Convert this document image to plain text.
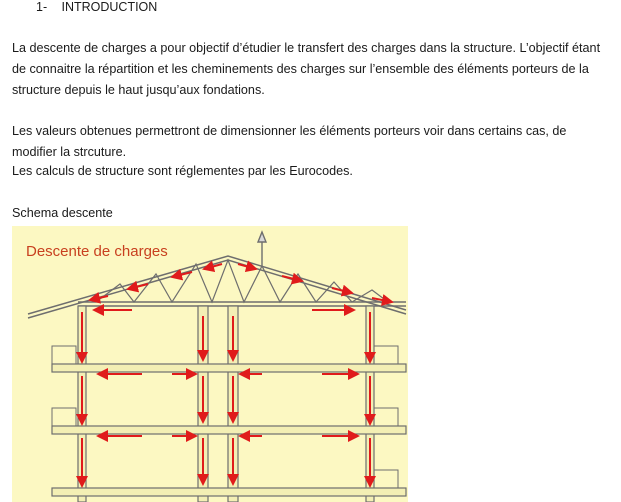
1- INTRODUCTION
La descente de charges a pour objectif d’étudier le transfert des charges dans la structure. L’objectif étant de connaitre la répartition et les cheminements des charges sur l’ensemble des éléments porteurs de la structure depuis le haut jusqu’aux fondations.
Les valeurs obtenues permettront de dimensionner les éléments porteurs voir dans certains cas, de modifier la strcuture.
Les calculs de structure sont réglementes par les Eurocodes.
Schema descente
Descente de charges
